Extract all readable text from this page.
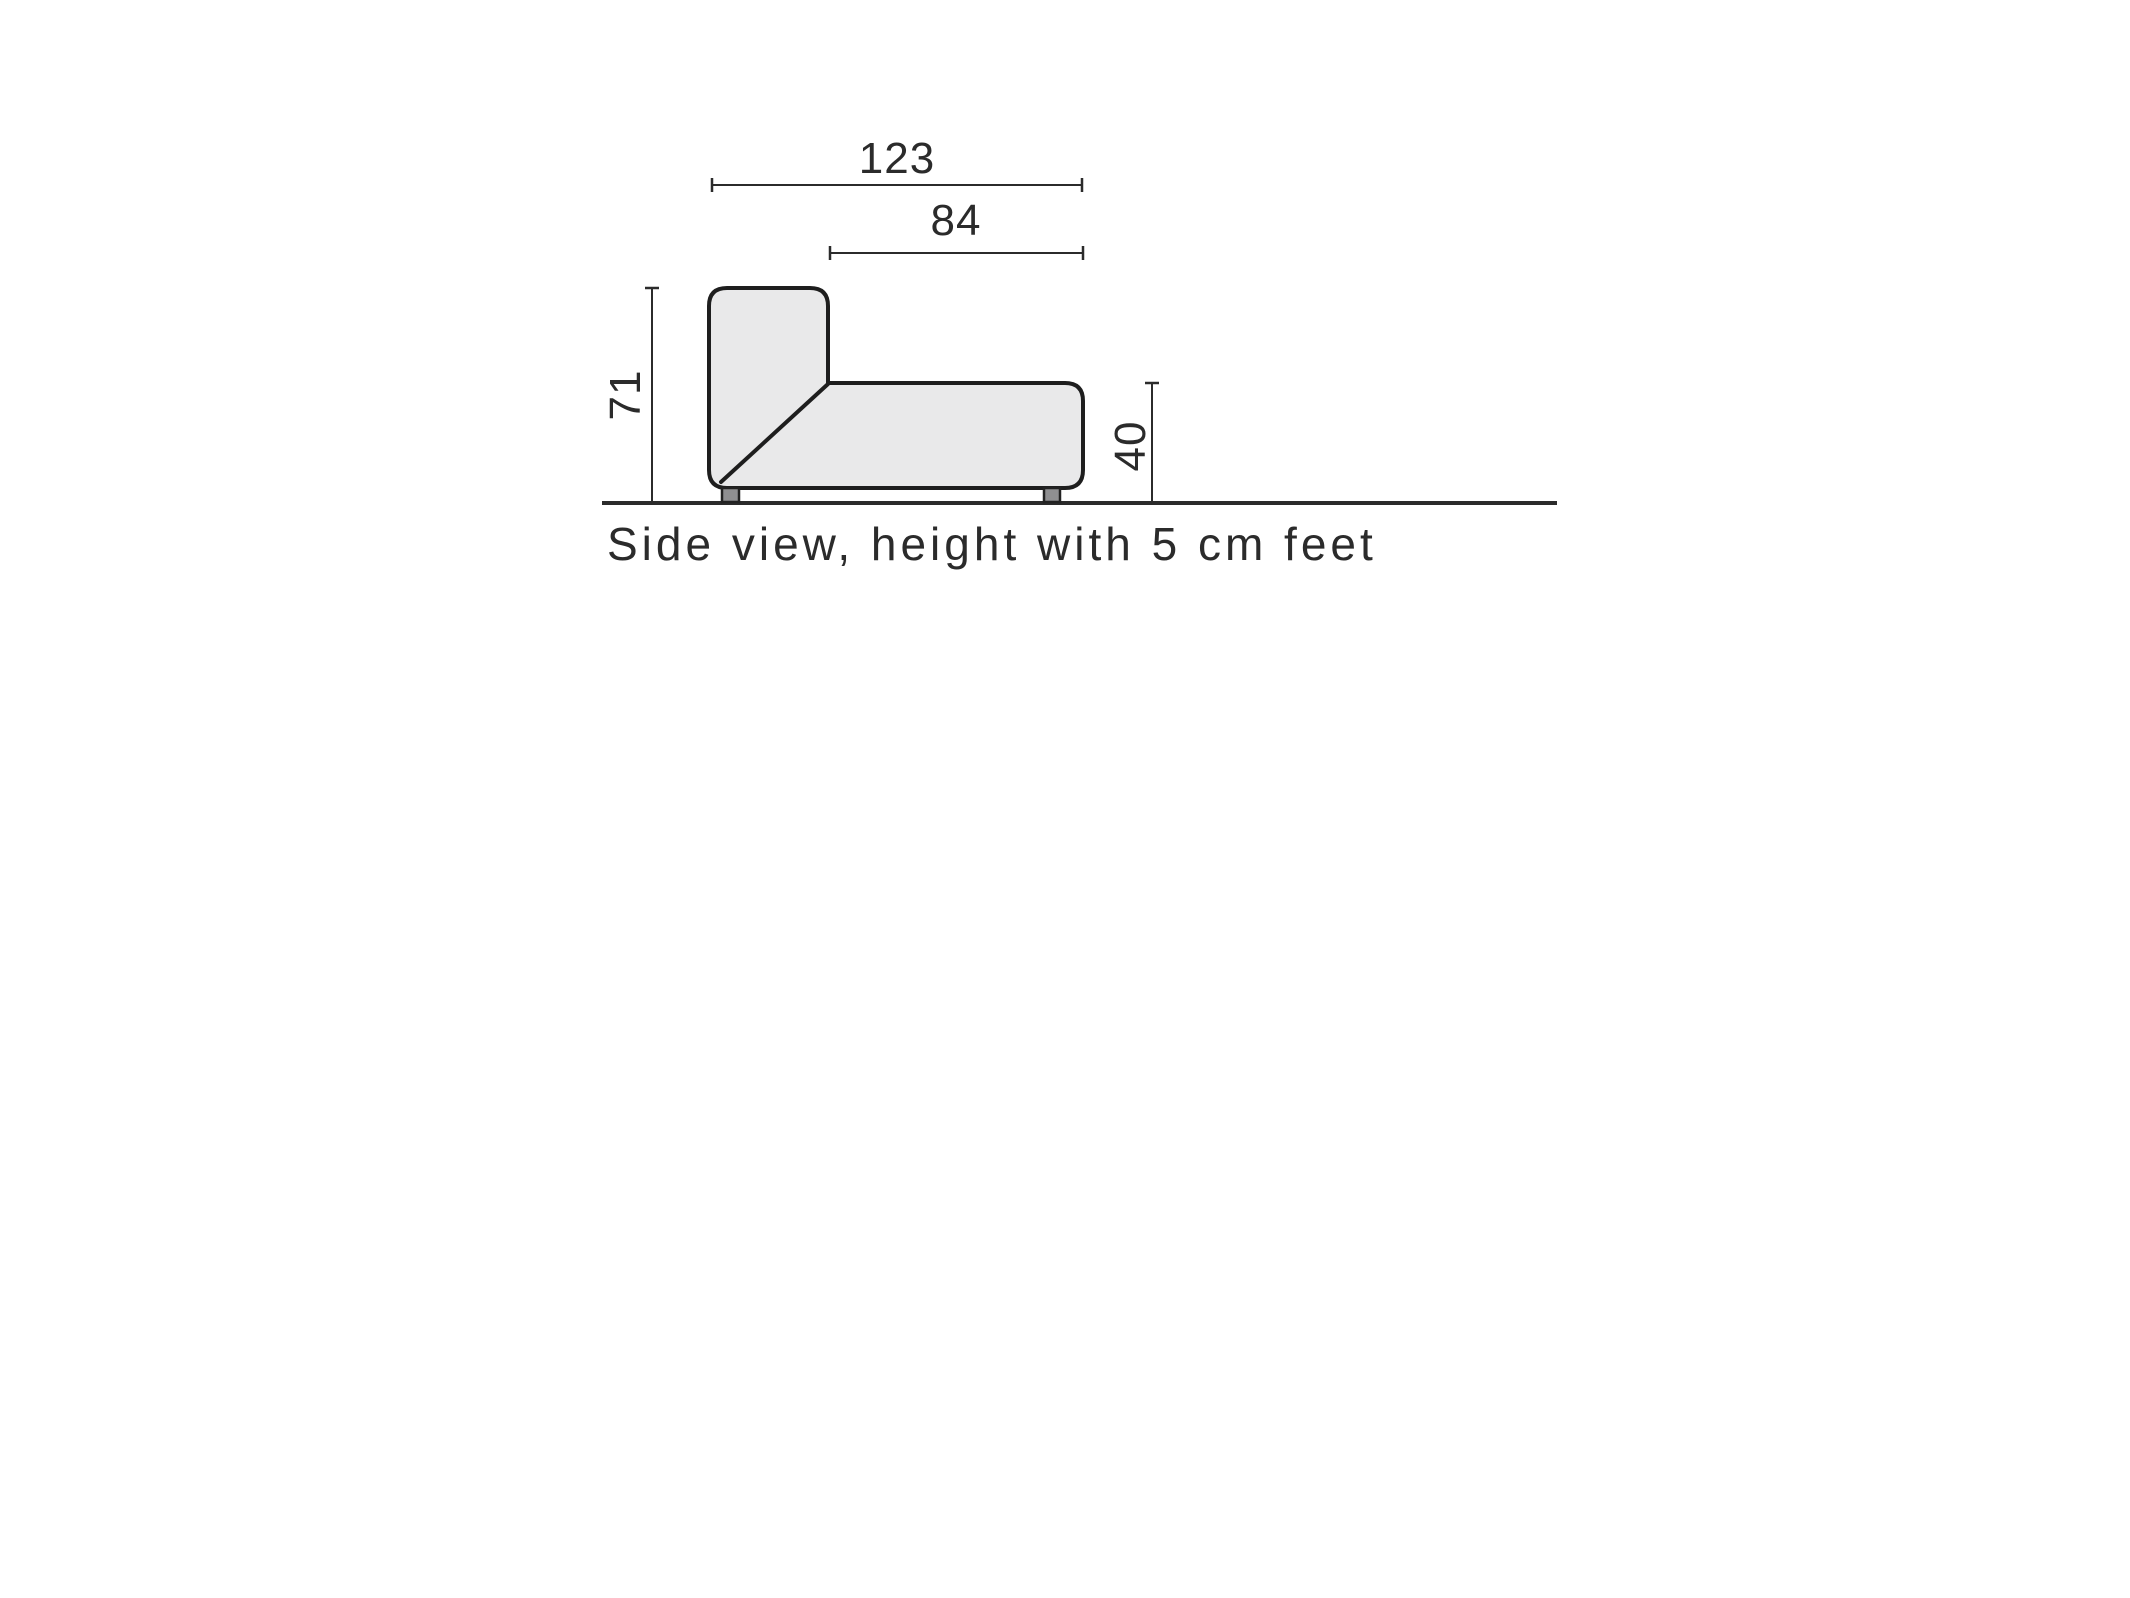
123
84
71
40
Side view, height with 5 cm feet
